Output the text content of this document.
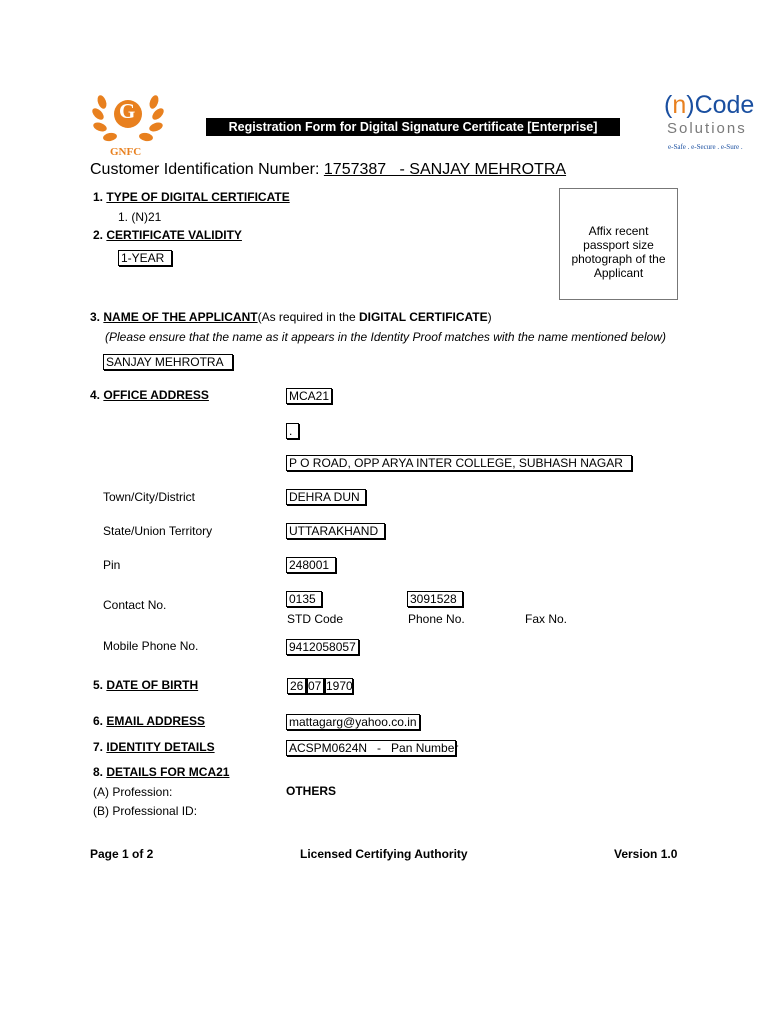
G
GNFC
Registration Form for Digital Signature Certificate [Enterprise]
(n)Code
Solutions
e-Safe . e-Secure . e-Sure .
Customer Identification Number: 1757387   - SANJAY MEHROTRA
1. TYPE OF DIGITAL CERTIFICATE
1. (N)21
2. CERTIFICATE VALIDITY
1-YEAR
Affix recent passport size photograph of the Applicant
3. NAME OF THE APPLICANT(As required in the DIGITAL CERTIFICATE)
(Please ensure that the name as it appears in the Identity Proof matches with the name mentioned below)
SANJAY MEHROTRA
4. OFFICE ADDRESS	MCA21
.
P O ROAD, OPP ARYA INTER COLLEGE, SUBHASH NAGAR
Town/City/District	DEHRA DUN
State/Union Territory	UTTARAKHAND
Pin	248001
Contact No.	0135	3091528
STD Code	Phone No.	Fax No.
Mobile Phone No.	9412058057
5. DATE OF BIRTH	26 07 1970
6. EMAIL ADDRESS	mattagarg@yahoo.co.in
7. IDENTITY DETAILS	ACSPM0624N   -   Pan Number
8. DETAILS FOR MCA21
(A) Profession:	OTHERS
(B) Professional ID:
Page 1 of 2	Licensed Certifying Authority	Version 1.0
